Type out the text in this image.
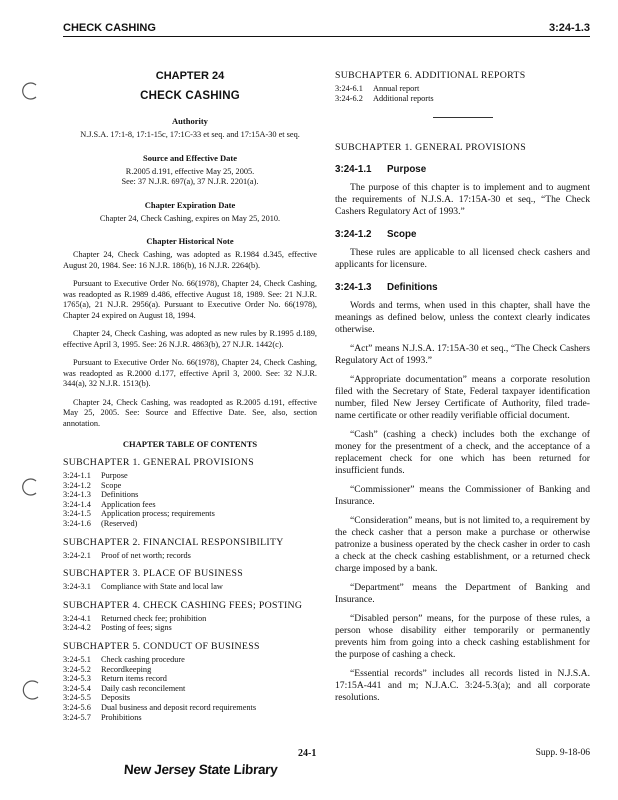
CHECK CASHING	3:24-1.3

CHAPTER 24

CHECK CASHING

Authority

N.J.S.A. 17:1-8, 17:1-15c, 17:1C-33 et seq. and 17:15A-30 et seq.

Source and Effective Date

R.2005 d.191, effective May 25, 2005.

See: 37 N.J.R. 697(a), 37 N.J.R. 2201(a).

Chapter Expiration Date

Chapter 24, Check Cashing, expires on May 25, 2010.

Chapter Historical Note

Chapter 24, Check Cashing, was adopted as R.1984 d.345, effective August 20, 1984. See: 16 N.J.R. 186(b), 16 N.J.R. 2264(b).

Pursuant to Executive Order No. 66(1978), Chapter 24, Check Cashing, was readopted as R.1989 d.486, effective August 18, 1989. See: 21 N.J.R. 1765(a), 21 N.J.R. 2956(a). Pursuant to Executive Order No. 66(1978), Chapter 24 expired on August 18, 1994.

Chapter 24, Check Cashing, was adopted as new rules by R.1995 d.189, effective April 3, 1995. See: 26 N.J.R. 4863(b), 27 N.J.R. 1442(c).

Pursuant to Executive Order No. 66(1978), Chapter 24, Check Cashing, was readopted as R.2000 d.177, effective April 3, 2000. See: 32 N.J.R. 344(a), 32 N.J.R. 1513(b).

Chapter 24, Check Cashing, was readopted as R.2005 d.191, effective May 25, 2005. See: Source and Effective Date. See, also, section annotation.

CHAPTER TABLE OF CONTENTS

SUBCHAPTER 1. GENERAL PROVISIONS

3:24-1.1	Purpose
3:24-1.2	Scope
3:24-1.3	Definitions
3:24-1.4	Application fees
3:24-1.5	Application process; requirements
3:24-1.6	(Reserved)

SUBCHAPTER 2. FINANCIAL RESPONSIBILITY

3:24-2.1	Proof of net worth; records

SUBCHAPTER 3. PLACE OF BUSINESS

3:24-3.1	Compliance with State and local law

SUBCHAPTER 4. CHECK CASHING FEES; POSTING

3:24-4.1	Returned check fee; prohibition
3:24-4.2	Posting of fees; signs

SUBCHAPTER 5. CONDUCT OF BUSINESS

3:24-5.1	Check cashing procedure
3:24-5.2	Recordkeeping
3:24-5.3	Return items record
3:24-5.4	Daily cash reconcilement
3:24-5.5	Deposits
3:24-5.6	Dual business and deposit record requirements
3:24-5.7	Prohibitions

SUBCHAPTER 6. ADDITIONAL REPORTS

3:24-6.1	Annual report
3:24-6.2	Additional reports

SUBCHAPTER 1. GENERAL PROVISIONS

3:24-1.1 Purpose

The purpose of this chapter is to implement and to augment the requirements of N.J.S.A. 17:15A-30 et seq., “The Check Cashers Regulatory Act of 1993.”

3:24-1.2 Scope

These rules are applicable to all licensed check cashers and applicants for licensure.

3:24-1.3 Definitions

Words and terms, when used in this chapter, shall have the meanings as defined below, unless the context clearly indicates otherwise.

“Act” means N.J.S.A. 17:15A-30 et seq., “The Check Cashers Regulatory Act of 1993.”

“Appropriate documentation” means a corporate resolution filed with the Secretary of State, Federal taxpayer identification number, filed New Jersey Certificate of Authority, filed trade-name certificate or other readily verifiable official document.

“Cash” (cashing a check) includes both the exchange of money for the presentment of a check, and the acceptance of a replacement check for one which has been returned for insufficient funds.

“Commissioner” means the Commissioner of Banking and Insurance.

“Consideration” means, but is not limited to, a requirement by the check casher that a person make a purchase or otherwise patronize a business operated by the check casher in order to cash a check at the check cashing establishment, or a returned check charge imposed by a bank.

“Department” means the Department of Banking and Insurance.

“Disabled person” means, for the purpose of these rules, a person whose disability either temporarily or permanently prevents him from going into a check cashing establishment for the purpose of cashing a check.

“Essential records” includes all records listed in N.J.S.A. 17:15A-441 and m; N.J.A.C. 3:24-5.3(a); and all corporate resolutions.

24-1	Supp. 9-18-06
New Jersey State Library
